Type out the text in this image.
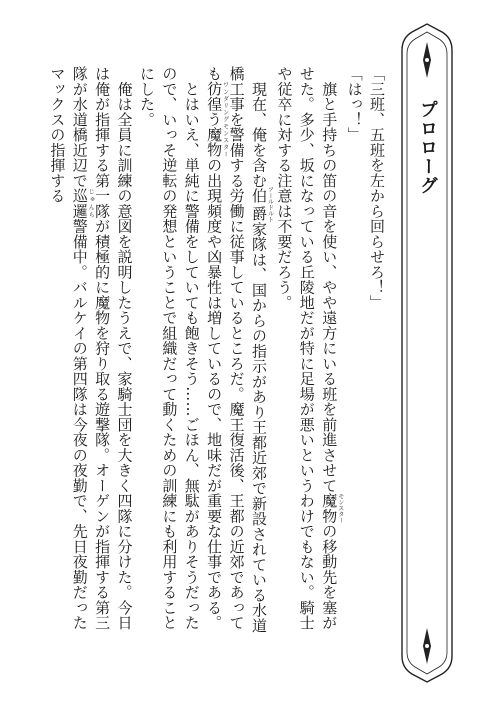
プロローグ

「三班、五班を左から回らせろ！」

「はっ！」

　旗と手持ちの笛の音を使い、やや遠方にいる班を前進させて魔物モンスターの移動先を塞がせた。多少、坂になっている丘陵地だが特に足場が悪いというわけでもない。騎士や従卒に対する注意は不要だろう。

　現在、俺を含む伯爵アールドルト家隊は、国からの指示があり王都近郊で新設されている水道橋工事を警備する労働に従事しているところだ。魔王復活後、王都の近郊であっても彷徨う魔物ワンダリングモンスターの出現頻度や凶暴性は増しているので、地味だが重要な仕事である。

　とはいえ、単純に警備をしていても飽きそう……ごほん、無駄がありそうだったので、いっそ逆転の発想ということで組織だって動くための訓練にも利用することにした。

　俺は全員に訓練の意図を説明したうえで、家騎士団を大きく四隊に分けた。今日は俺が指揮する第一隊が積極的に魔物を狩り取る遊撃隊。オーゲンが指揮する第三隊が水道橋近辺で巡邏じゅんら警備中。バルケイの第四隊は今夜の夜勤で、先日夜勤だったマックスの指揮する
